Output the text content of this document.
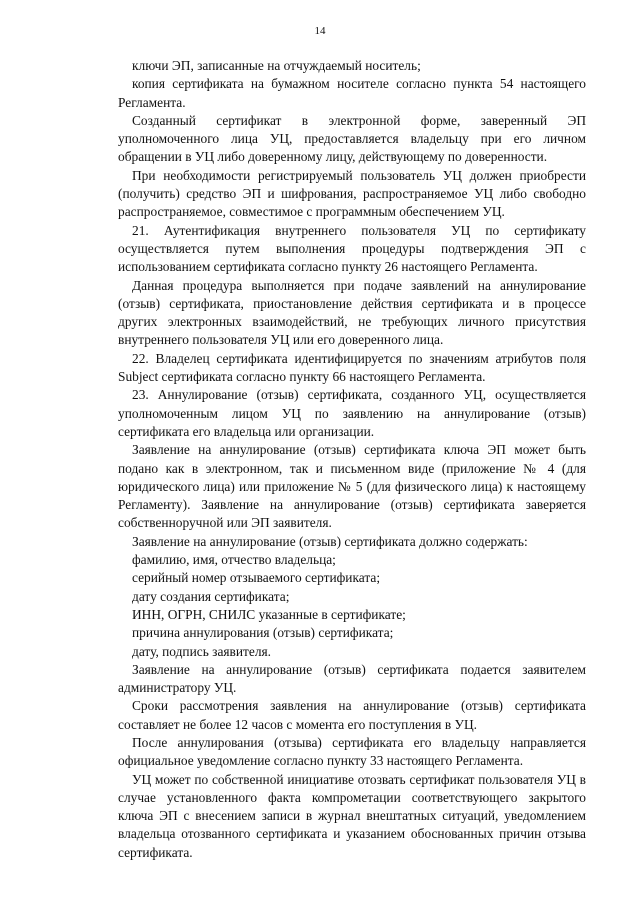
14

ключи ЭП, записанные на отчуждаемый носитель;

копия сертификата на бумажном носителе согласно пункта 54 настоящего Регламента.

Созданный сертификат в электронной форме, заверенный ЭП уполномоченного лица УЦ, предоставляется владельцу при его личном обращении в УЦ либо доверенному лицу, действующему по доверенности.

При необходимости регистрируемый пользователь УЦ должен приобрести (получить) средство ЭП и шифрования, распространяемое УЦ либо свободно распространяемое, совместимое с программным обеспечением УЦ.

21. Аутентификация внутреннего пользователя УЦ по сертификату осуществляется путем выполнения процедуры подтверждения ЭП с использованием сертификата согласно пункту 26 настоящего Регламента.

Данная процедура выполняется при подаче заявлений на аннулирование (отзыв) сертификата, приостановление действия сертификата и в процессе других электронных взаимодействий, не требующих личного присутствия внутреннего пользователя УЦ или его доверенного лица.

22. Владелец сертификата идентифицируется по значениям атрибутов поля Subject сертификата согласно пункту 66 настоящего Регламента.

23. Аннулирование (отзыв) сертификата, созданного УЦ, осуществляется уполномоченным лицом УЦ по заявлению на аннулирование (отзыв) сертификата его владельца или организации.

Заявление на аннулирование (отзыв) сертификата ключа ЭП может быть подано как в электронном, так и письменном виде (приложение № 4 (для юридического лица) или приложение № 5 (для физического лица) к настоящему Регламенту). Заявление на аннулирование (отзыв) сертификата заверяется собственноручной или ЭП заявителя.

Заявление на аннулирование (отзыв) сертификата должно содержать:

фамилию, имя, отчество владельца;

серийный номер отзываемого сертификата;

дату создания сертификата;

ИНН, ОГРН, СНИЛС указанные в сертификате;

причина аннулирования (отзыв) сертификата;

дату, подпись заявителя.

Заявление на аннулирование (отзыв) сертификата подается заявителем администратору УЦ.

Сроки рассмотрения заявления на аннулирование (отзыв) сертификата составляет не более 12 часов с момента его поступления в УЦ.

После аннулирования (отзыва) сертификата его владельцу направляется официальное уведомление согласно пункту 33 настоящего Регламента.

УЦ может по собственной инициативе отозвать сертификат пользователя УЦ в случае установленного факта компрометации соответствующего закрытого ключа ЭП с внесением записи в журнал внештатных ситуаций, уведомлением владельца отозванного сертификата и указанием обоснованных причин отзыва сертификата.
